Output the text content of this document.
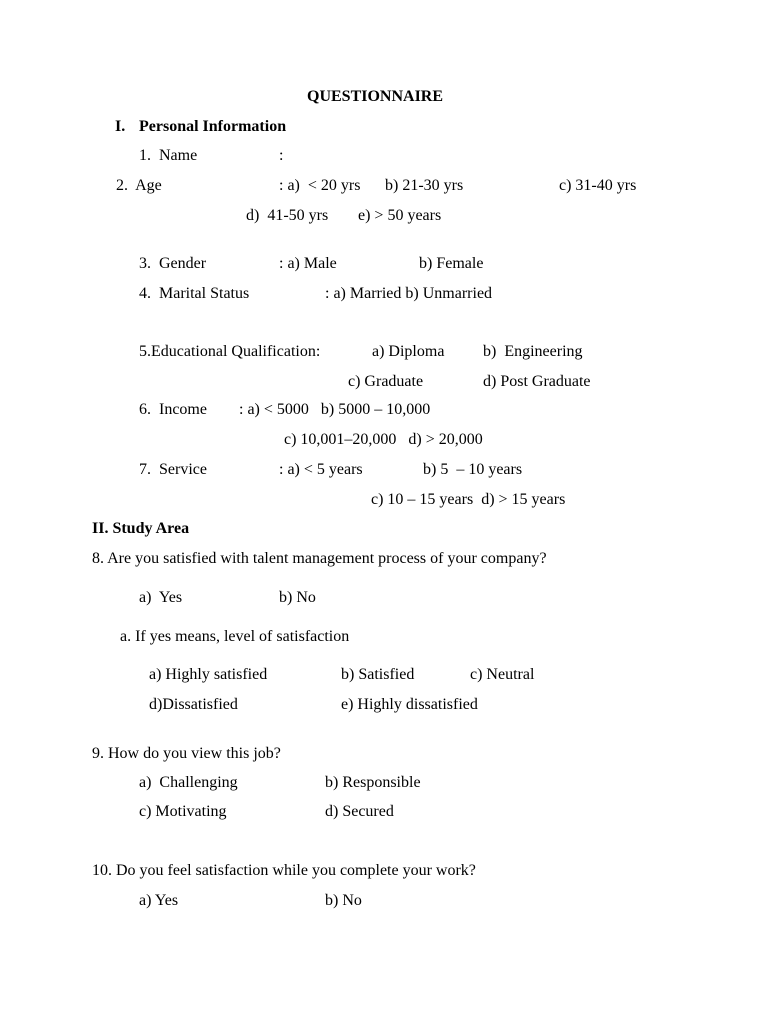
QUESTIONNAIRE
I. Personal Information
1.  Name	:
2.  Age	: a)  < 20 yrs b) 21-30 yrs	c) 31-40 yrs
d)  41-50 yrs e) > 50 years
3.  Gender	: a) Male	b) Female
4.  Marital Status	: a) Married b) Unmarried
5.Educational Qualification:	a) Diploma b)  Engineering
c) Graduate	d) Post Graduate
6.  Income : a) < 5000   b) 5000 – 10,000
c) 10,001–20,000   d) > 20,000
7.  Service	: a) < 5 years	b) 5  – 10 years
c) 10 – 15 years  d) > 15 years
II. Study Area
8. Are you satisfied with talent management process of your company?
a)  Yes	b) No
a. If yes means, level of satisfaction
a) Highly satisfied	b) Satisfied	c) Neutral
d)Dissatisfied	e) Highly dissatisfied
9. How do you view this job?
a)  Challenging	b) Responsible
c) Motivating	d) Secured
10. Do you feel satisfaction while you complete your work?
a) Yes	b) No
